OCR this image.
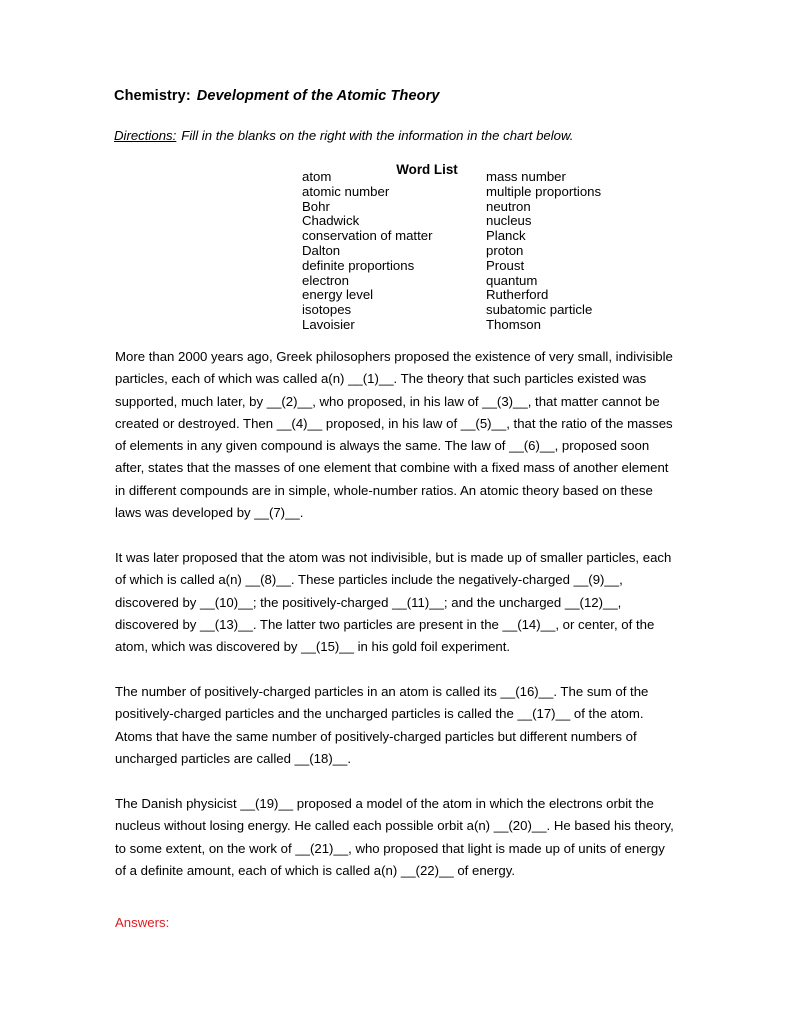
Chemistry: Development of the Atomic Theory
Directions: Fill in the blanks on the right with the information in the chart below.
Word List
atom	mass number
atomic number	multiple proportions
Bohr	neutron
Chadwick	nucleus
conservation of matter	Planck
Dalton	proton
definite proportions	Proust
electron	quantum
energy level	Rutherford
isotopes	subatomic particle
Lavoisier	Thomson

More than 2000 years ago, Greek philosophers proposed the existence of very small, indivisible particles, each of which was called a(n) __(1)__. The theory that such particles existed was supported, much later, by __(2)__, who proposed, in his law of __(3)__, that matter cannot be created or destroyed. Then __(4)__ proposed, in his law of __(5)__, that the ratio of the masses of elements in any given compound is always the same. The law of __(6)__, proposed soon after, states that the masses of one element that combine with a fixed mass of another element in different compounds are in simple, whole-number ratios. An atomic theory based on these laws was developed by __(7)__.

It was later proposed that the atom was not indivisible, but is made up of smaller particles, each of which is called a(n) __(8)__. These particles include the negatively-charged __(9)__, discovered by __(10)__; the positively-charged __(11)__; and the uncharged __(12)__, discovered by __(13)__. The latter two particles are present in the __(14)__, or center, of the atom, which was discovered by __(15)__ in his gold foil experiment.

The number of positively-charged particles in an atom is called its __(16)__. The sum of the positively-charged particles and the uncharged particles is called the __(17)__ of the atom. Atoms that have the same number of positively-charged particles but different numbers of uncharged particles are called __(18)__.

The Danish physicist __(19)__ proposed a model of the atom in which the electrons orbit the nucleus without losing energy. He called each possible orbit a(n) __(20)__. He based his theory, to some extent, on the work of __(21)__, who proposed that light is made up of units of energy of a definite amount, each of which is called a(n) __(22)__ of energy.

Answers:
